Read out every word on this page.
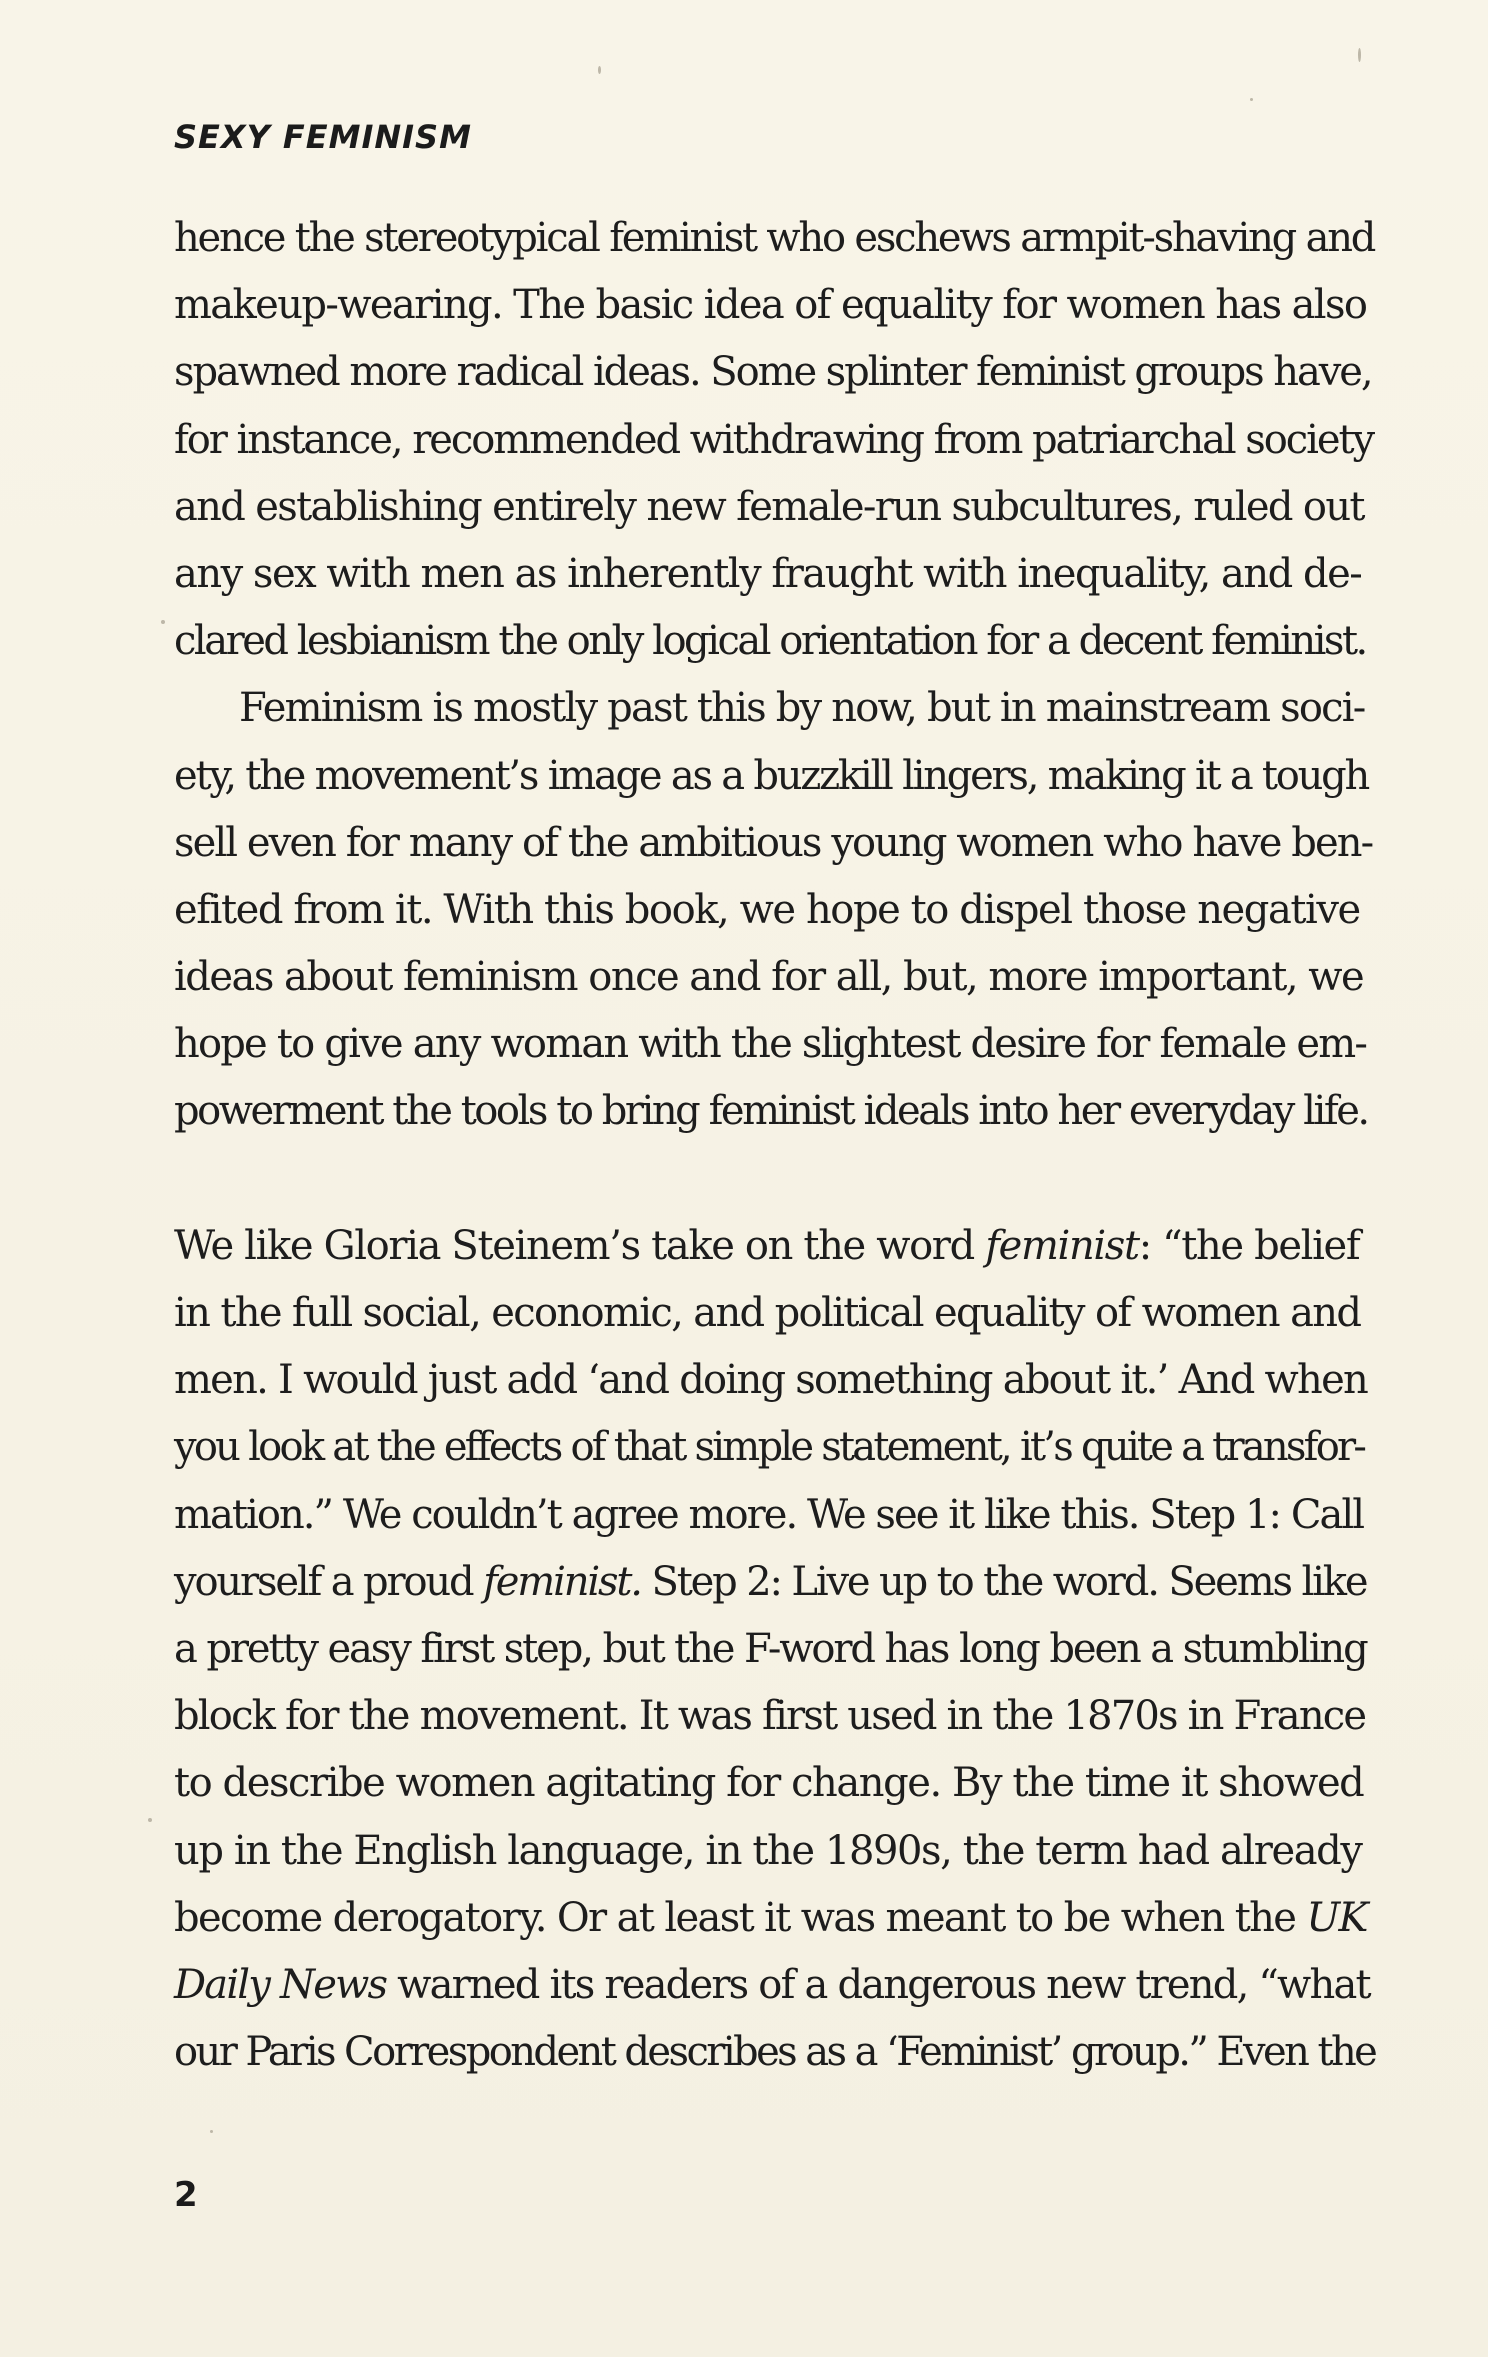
SEXY FEMINISM
hence the stereotypical feminist who eschews armpit-shaving and
makeup-wearing. The basic idea of equality for women has also
spawned more radical ideas. Some splinter feminist groups have,
for instance, recommended withdrawing from patriarchal society
and establishing entirely new female-run subcultures, ruled out
any sex with men as inherently fraught with inequality, and de-
clared lesbianism the only logical orientation for a decent feminist.
Feminism is mostly past this by now, but in mainstream soci-
ety, the movement’s image as a buzzkill lingers, making it a tough
sell even for many of the ambitious young women who have ben-
efited from it. With this book, we hope to dispel those negative
ideas about feminism once and for all, but, more important, we
hope to give any woman with the slightest desire for female em-
powerment the tools to bring feminist ideals into her everyday life.
We like Gloria Steinem’s take on the word feminist: “the belief
in the full social, economic, and political equality of women and
men. I would just add ‘and doing something about it.’ And when
you look at the effects of that simple statement, it’s quite a transfor-
mation.” We couldn’t agree more. We see it like this. Step 1: Call
yourself a proud feminist. Step 2: Live up to the word. Seems like
a pretty easy first step, but the F-word has long been a stumbling
block for the movement. It was first used in the 1870s in France
to describe women agitating for change. By the time it showed
up in the English language, in the 1890s, the term had already
become derogatory. Or at least it was meant to be when the UK
Daily News warned its readers of a dangerous new trend, “what
our Paris Correspondent describes as a ‘Feminist’ group.” Even the
2
